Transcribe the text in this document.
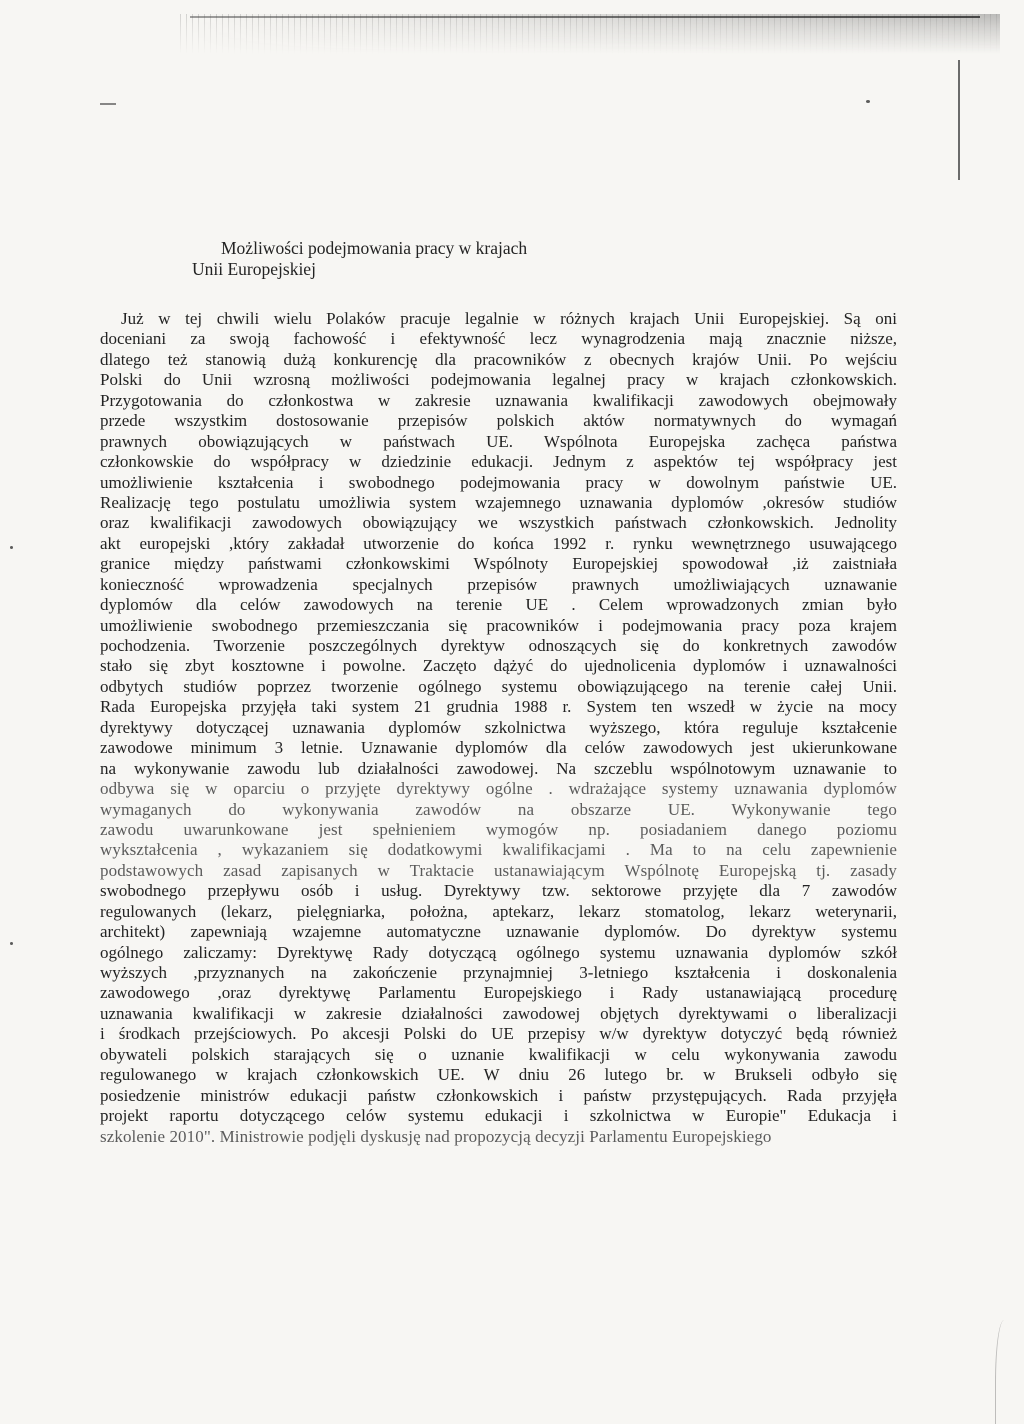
Możliwości podejmowania pracy w krajach
Unii Europejskiej
Już w tej chwili wielu Polaków pracuje legalnie w różnych krajach Unii Europejskiej. Są oni
doceniani za swoją fachowość i efektywność lecz wynagrodzenia mają znacznie niższe,
dlatego też stanowią dużą konkurencję dla pracowników z obecnych krajów Unii. Po wejściu
Polski do Unii wzrosną możliwości podejmowania legalnej pracy w krajach członkowskich.
Przygotowania do członkostwa w zakresie uznawania kwalifikacji zawodowych obejmowały
przede wszystkim dostosowanie przepisów polskich aktów normatywnych do wymagań
prawnych obowiązujących w państwach UE. Wspólnota Europejska zachęca państwa
członkowskie do współpracy w dziedzinie edukacji. Jednym z aspektów tej współpracy jest
umożliwienie kształcenia i swobodnego podejmowania pracy w dowolnym państwie UE.
Realizację tego postulatu umożliwia system wzajemnego uznawania dyplomów ,okresów studiów
oraz kwalifikacji zawodowych obowiązujący we wszystkich państwach członkowskich. Jednolity
akt europejski ,który zakładał utworzenie do końca 1992 r. rynku wewnętrznego usuwającego
granice między państwami członkowskimi Wspólnoty Europejskiej spowodował ,iż zaistniała
konieczność wprowadzenia specjalnych przepisów prawnych umożliwiających uznawanie
dyplomów dla celów zawodowych na terenie UE . Celem wprowadzonych zmian było
umożliwienie swobodnego przemieszczania się pracowników i podejmowania pracy poza krajem
pochodzenia. Tworzenie poszczególnych dyrektyw odnoszących się do konkretnych zawodów
stało się zbyt kosztowne i powolne. Zaczęto dążyć do ujednolicenia dyplomów i uznawalności
odbytych studiów poprzez tworzenie ogólnego systemu obowiązującego na terenie całej Unii.
Rada Europejska przyjęła taki system 21 grudnia 1988 r. System ten wszedł w życie na mocy
dyrektywy dotyczącej uznawania dyplomów szkolnictwa wyższego, która reguluje kształcenie
zawodowe minimum 3 letnie. Uznawanie dyplomów dla celów zawodowych jest ukierunkowane
na wykonywanie zawodu lub działalności zawodowej. Na szczeblu wspólnotowym uznawanie to
odbywa się w oparciu o przyjęte dyrektywy ogólne . wdrażające systemy uznawania dyplomów
wymaganych do wykonywania zawodów na obszarze UE. Wykonywanie tego
zawodu uwarunkowane jest spełnieniem wymogów np. posiadaniem danego poziomu
wykształcenia , wykazaniem się dodatkowymi kwalifikacjami . Ma to na celu zapewnienie
podstawowych zasad zapisanych w Traktacie ustanawiającym Wspólnotę Europejską tj. zasady
swobodnego przepływu osób i usług. Dyrektywy tzw. sektorowe przyjęte dla 7 zawodów
regulowanych (lekarz, pielęgniarka, położna, aptekarz, lekarz stomatolog, lekarz weterynarii,
architekt) zapewniają wzajemne automatyczne uznawanie dyplomów. Do dyrektyw systemu
ogólnego zaliczamy: Dyrektywę Rady dotyczącą ogólnego systemu uznawania dyplomów szkół
wyższych ,przyznanych na zakończenie przynajmniej 3-letniego kształcenia i doskonalenia
zawodowego ,oraz dyrektywę Parlamentu Europejskiego i Rady ustanawiającą procedurę
uznawania kwalifikacji w zakresie działalności zawodowej objętych dyrektywami o liberalizacji
i środkach przejściowych. Po akcesji Polski do UE przepisy w/w dyrektyw dotyczyć będą również
obywateli polskich starających się o uznanie kwalifikacji w celu wykonywania zawodu
regulowanego w krajach członkowskich UE. W dniu 26 lutego br. w Brukseli odbyło się
posiedzenie ministrów edukacji państw członkowskich i państw przystępujących. Rada przyjęła
projekt raportu dotyczącego celów systemu edukacji i szkolnictwa w Europie" Edukacja i
szkolenie 2010". Ministrowie podjęli dyskusję nad propozycją decyzji Parlamentu Europejskiego
